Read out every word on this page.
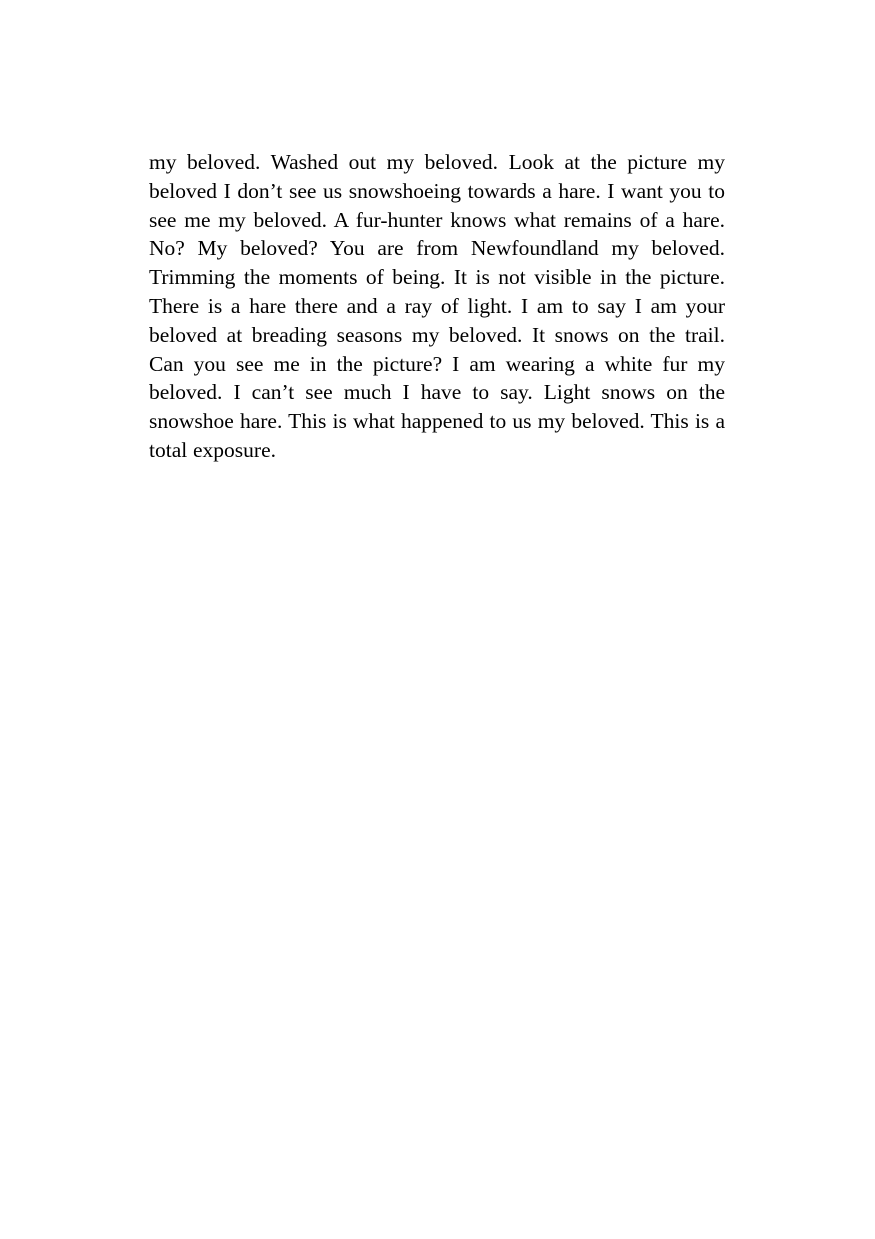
my beloved. Washed out my beloved. Look at the picture my beloved I don’t see us snowshoeing towards a hare. I want you to see me my beloved. A fur-hunter knows what remains of a hare. No? My beloved? You are from Newfoundland my beloved. Trimming the moments of being. It is not visible in the picture. There is a hare there and a ray of light. I am to say I am your beloved at breading seasons my beloved. It snows on the trail. Can you see me in the picture? I am wearing a white fur my beloved. I can’t see much I have to say. Light snows on the snowshoe hare. This is what happened to us my beloved. This is a total exposure.
